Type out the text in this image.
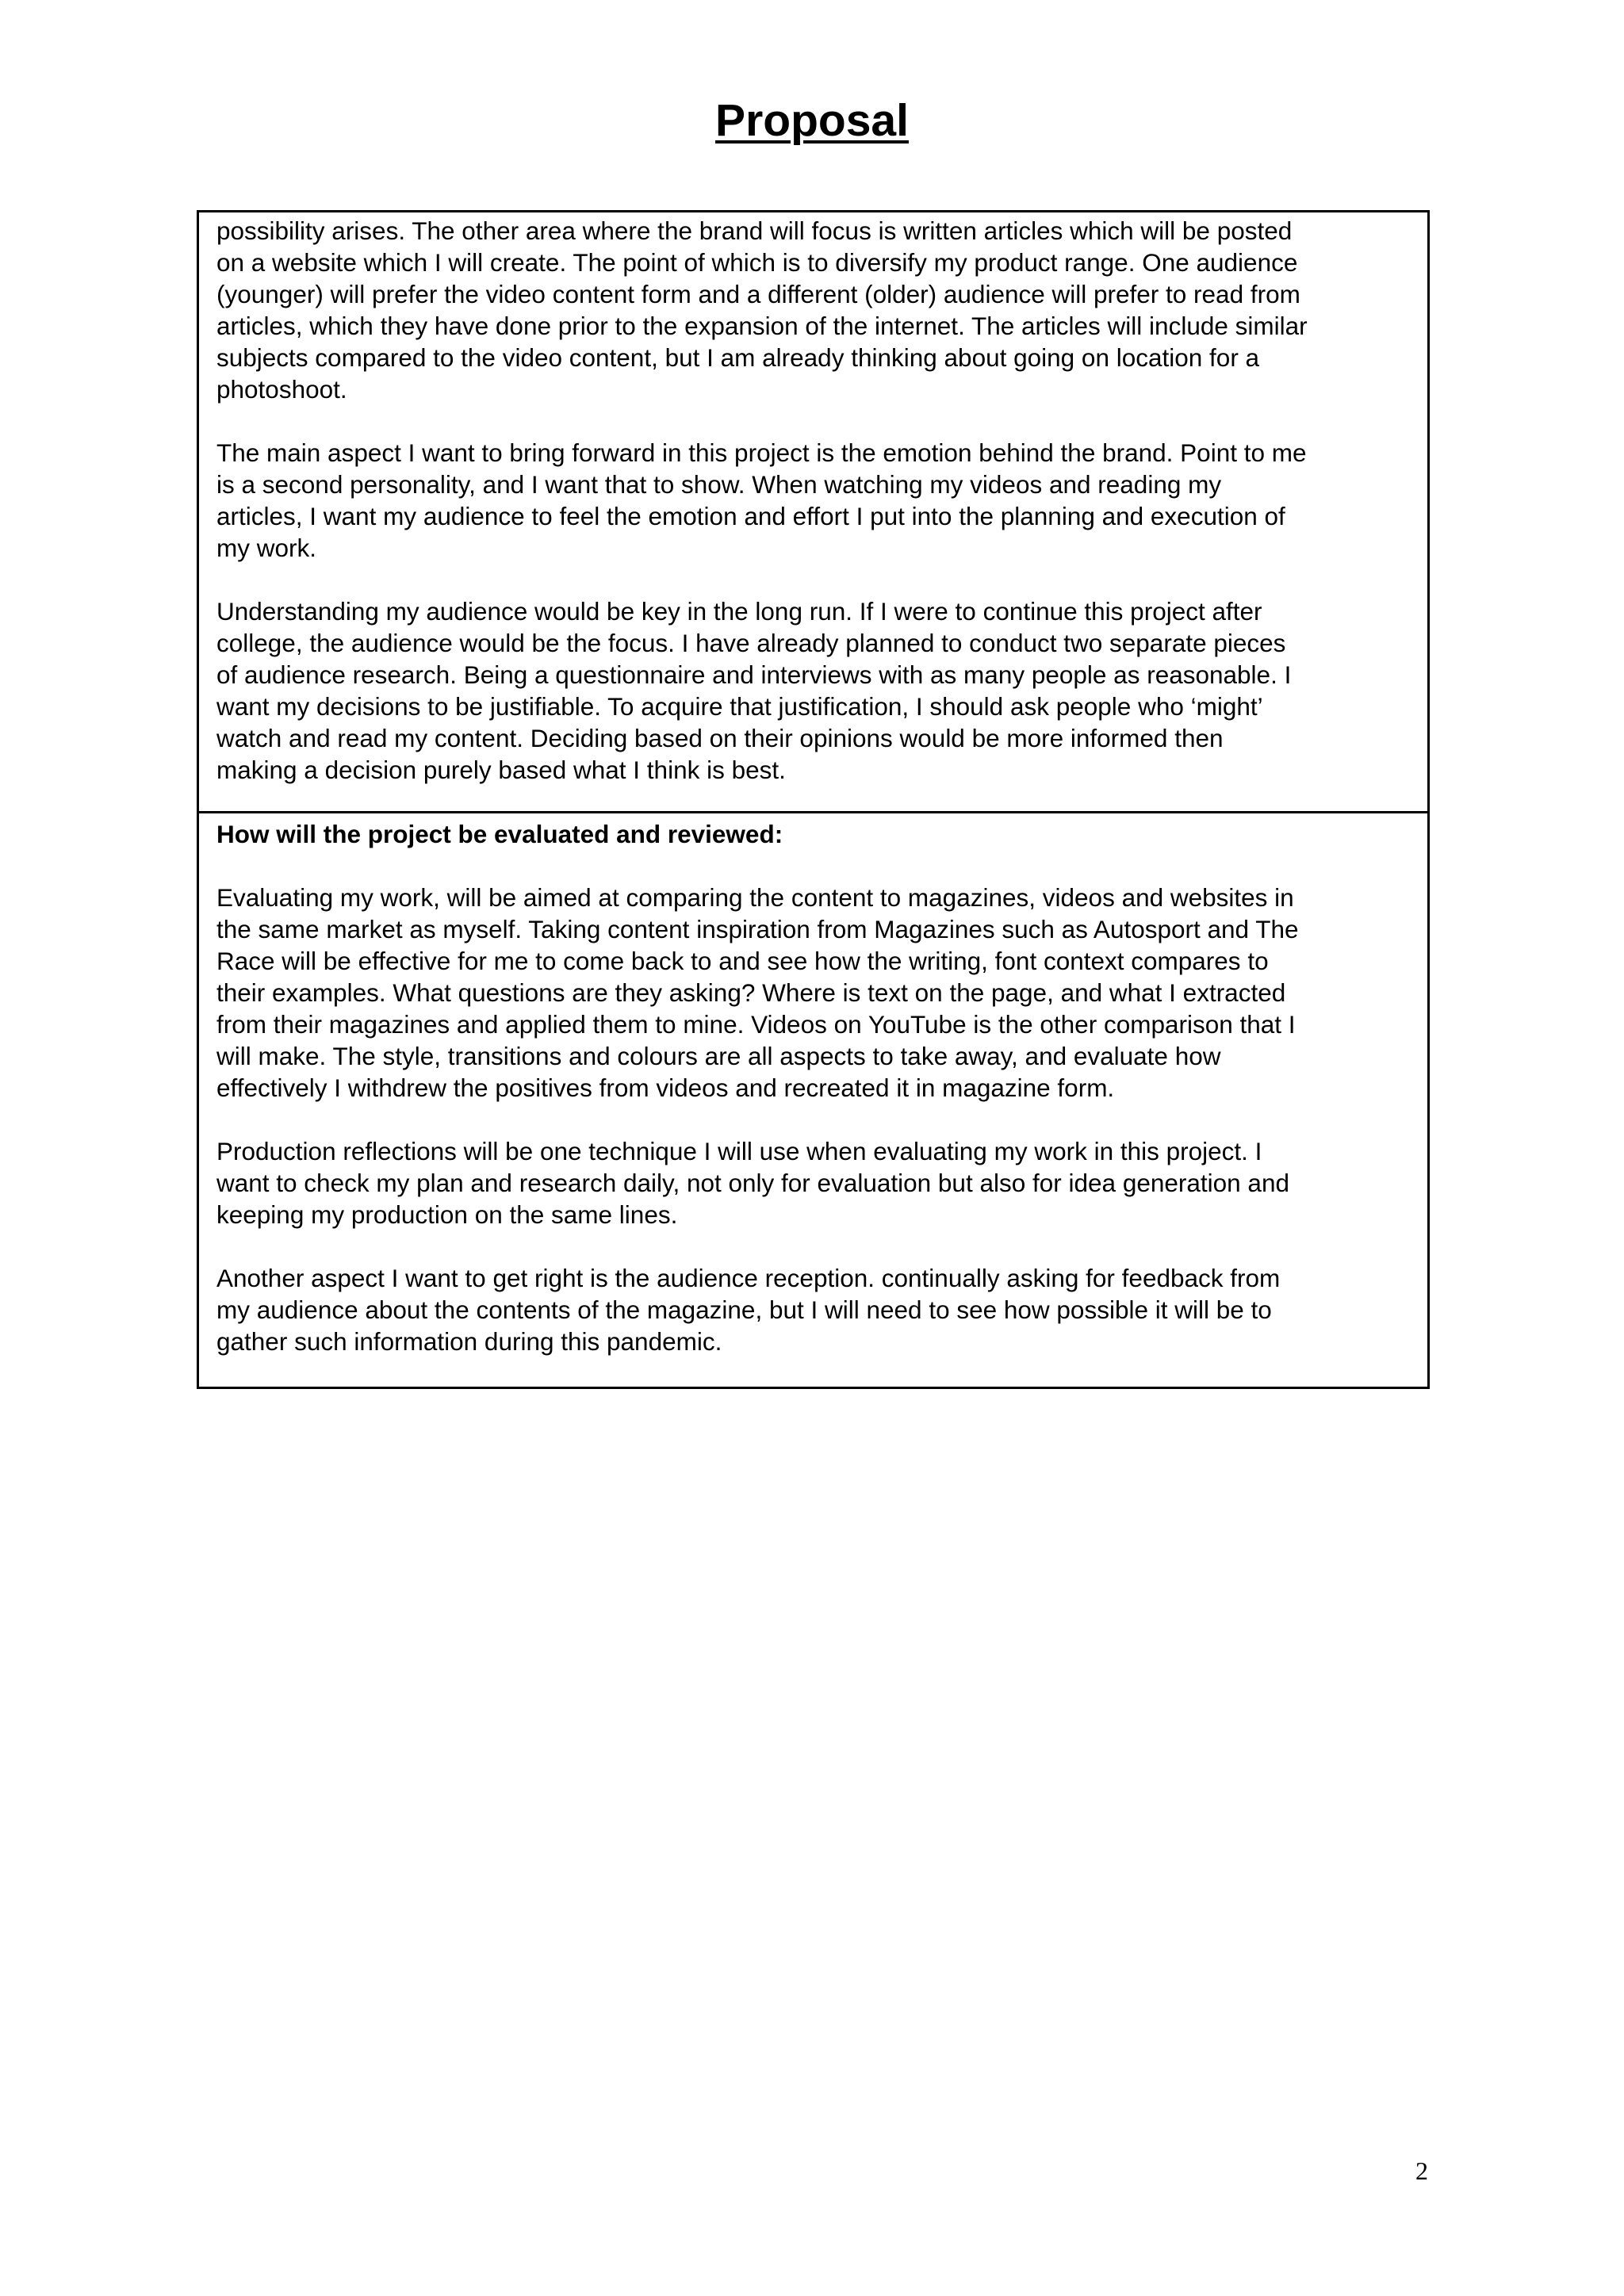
Proposal

possibility arises. The other area where the brand will focus is written articles which will be posted
on a website which I will create. The point of which is to diversify my product range. One audience
(younger) will prefer the video content form and a different (older) audience will prefer to read from
articles, which they have done prior to the expansion of the internet. The articles will include similar
subjects compared to the video content, but I am already thinking about going on location for a
photoshoot.

The main aspect I want to bring forward in this project is the emotion behind the brand. Point to me
is a second personality, and I want that to show. When watching my videos and reading my
articles, I want my audience to feel the emotion and effort I put into the planning and execution of
my work.

Understanding my audience would be key in the long run. If I were to continue this project after
college, the audience would be the focus. I have already planned to conduct two separate pieces
of audience research. Being a questionnaire and interviews with as many people as reasonable. I
want my decisions to be justifiable. To acquire that justification, I should ask people who ‘might’
watch and read my content. Deciding based on their opinions would be more informed then
making a decision purely based what I think is best.

How will the project be evaluated and reviewed:

Evaluating my work, will be aimed at comparing the content to magazines, videos and websites in
the same market as myself. Taking content inspiration from Magazines such as Autosport and The
Race will be effective for me to come back to and see how the writing, font context compares to
their examples. What questions are they asking? Where is text on the page, and what I extracted
from their magazines and applied them to mine. Videos on YouTube is the other comparison that I
will make. The style, transitions and colours are all aspects to take away, and evaluate how
effectively I withdrew the positives from videos and recreated it in magazine form.

Production reflections will be one technique I will use when evaluating my work in this project. I
want to check my plan and research daily, not only for evaluation but also for idea generation and
keeping my production on the same lines.

Another aspect I want to get right is the audience reception. continually asking for feedback from
my audience about the contents of the magazine, but I will need to see how possible it will be to
gather such information during this pandemic.

2
